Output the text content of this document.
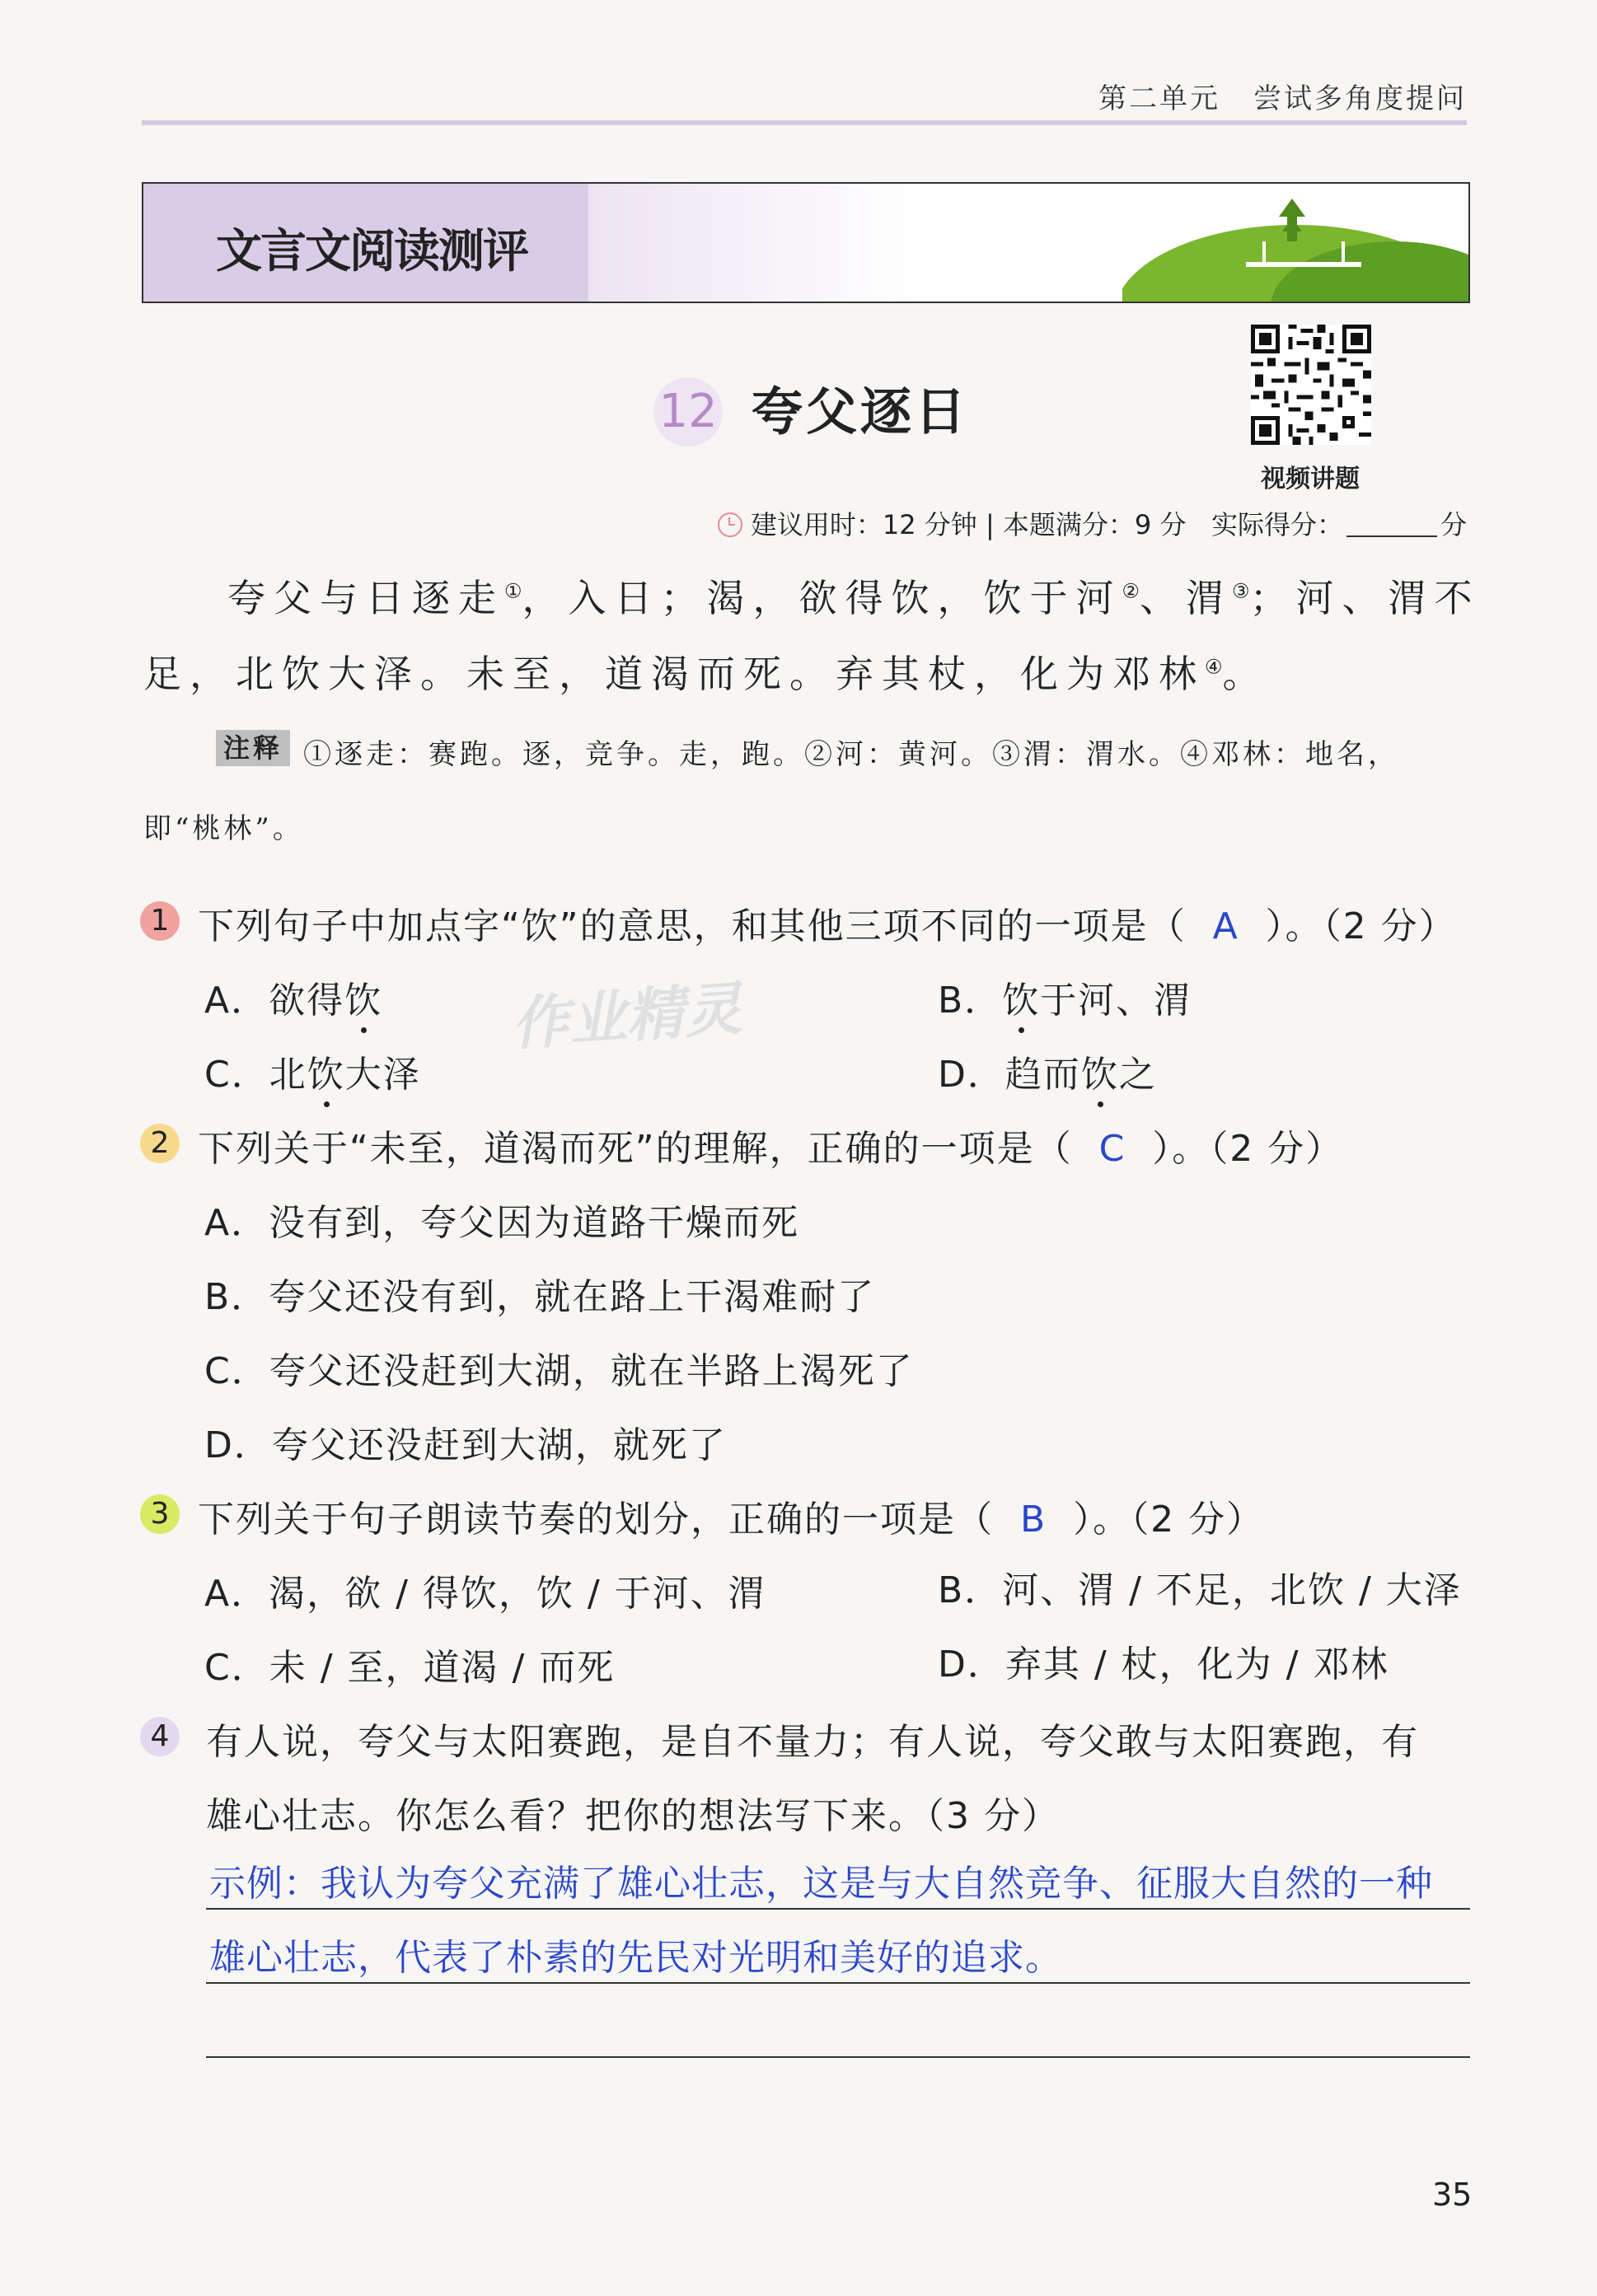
第二单元 尝试多角度提问
文言文阅读测评
12 夸父逐日
视频讲题
建议用时：12 分钟 | 本题满分：9 分 实际得分：	分
夸父与日逐走①，入日；渴，欲得饮，饮于河②、渭③；河、渭不
足，北饮大泽。未至，道渴而死。弃其杖，化为邓林④。
注释 ①逐走：赛跑。逐，竞争。走，跑。②河：黄河。③渭：渭水。④邓林：地名，
即“桃林”。
作业精灵
1 下列句子中加点字“饮”的意思，和其他三项不同的一项是（ A ）。（2 分）
A．欲得饮	B．饮于河、渭
C．北饮大泽	D．趋而饮之
2 下列关于“未至，道渴而死”的理解，正确的一项是（ C ）。（2 分）
A．没有到，夸父因为道路干燥而死
B．夸父还没有到，就在路上干渴难耐了
C．夸父还没赶到大湖，就在半路上渴死了
D．夸父还没赶到大湖，就死了
3 下列关于句子朗读节奏的划分，正确的一项是（ B ）。（2 分）
A．渴，欲 / 得饮，饮 / 于河、渭	B．河、渭 / 不足，北饮 / 大泽
C．未 / 至，道渴 / 而死	D．弃其 / 杖，化为 / 邓林
4 有人说，夸父与太阳赛跑，是自不量力；有人说，夸父敢与太阳赛跑，有
雄心壮志。你怎么看？把你的想法写下来。（3 分）
示例：我认为夸父充满了雄心壮志，这是与大自然竞争、征服大自然的一种
雄心壮志，代表了朴素的先民对光明和美好的追求。
35
